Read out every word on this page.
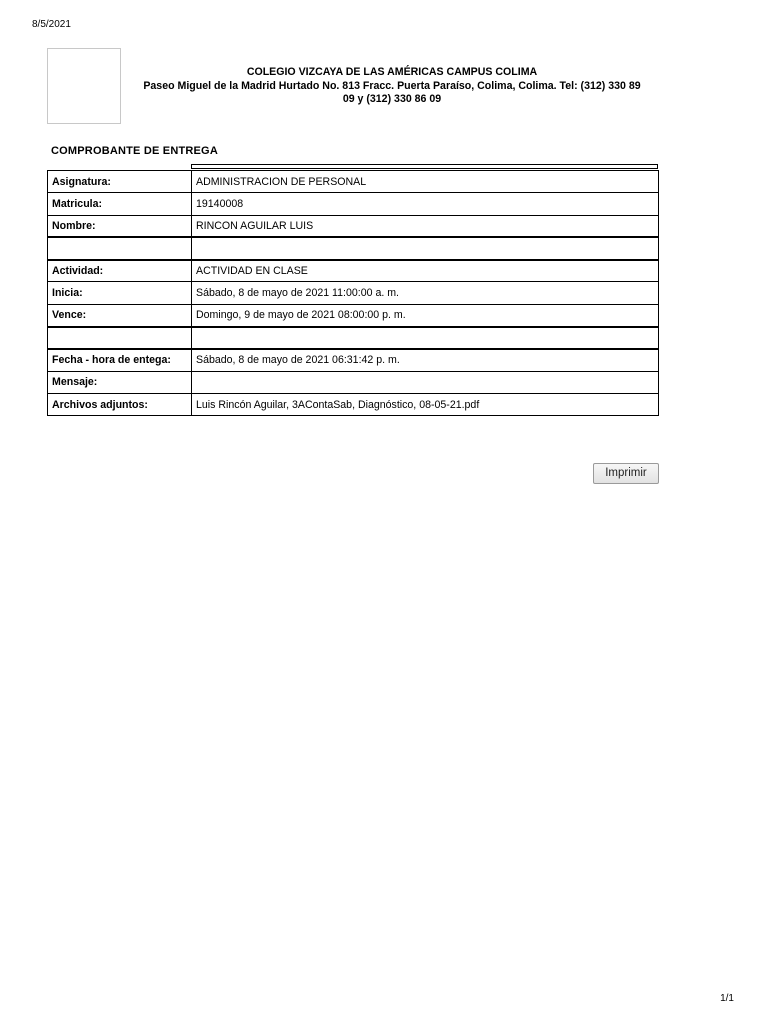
8/5/2021
COLEGIO VIZCAYA DE LAS AMÉRICAS CAMPUS COLIMA
Paseo Miguel de la Madrid Hurtado No. 813 Fracc. Puerta Paraíso, Colima, Colima. Tel: (312) 330 89
09 y (312) 330 86 09
COMPROBANTE DE ENTREGA
Asignatura:	ADMINISTRACION DE PERSONAL
Matricula:	19140008
Nombre:	RINCON AGUILAR LUIS

Actividad:	ACTIVIDAD EN CLASE
Inicia:	Sábado, 8 de mayo de 2021 11:00:00 a. m.
Vence:	Domingo, 9 de mayo de 2021 08:00:00 p. m.

Fecha - hora de entega:	Sábado, 8 de mayo de 2021 06:31:42 p. m.
Mensaje:	
Archivos adjuntos:	Luis Rincón Aguilar, 3AContaSab, Diagnóstico, 08-05-21.pdf
Imprimir
1/1
